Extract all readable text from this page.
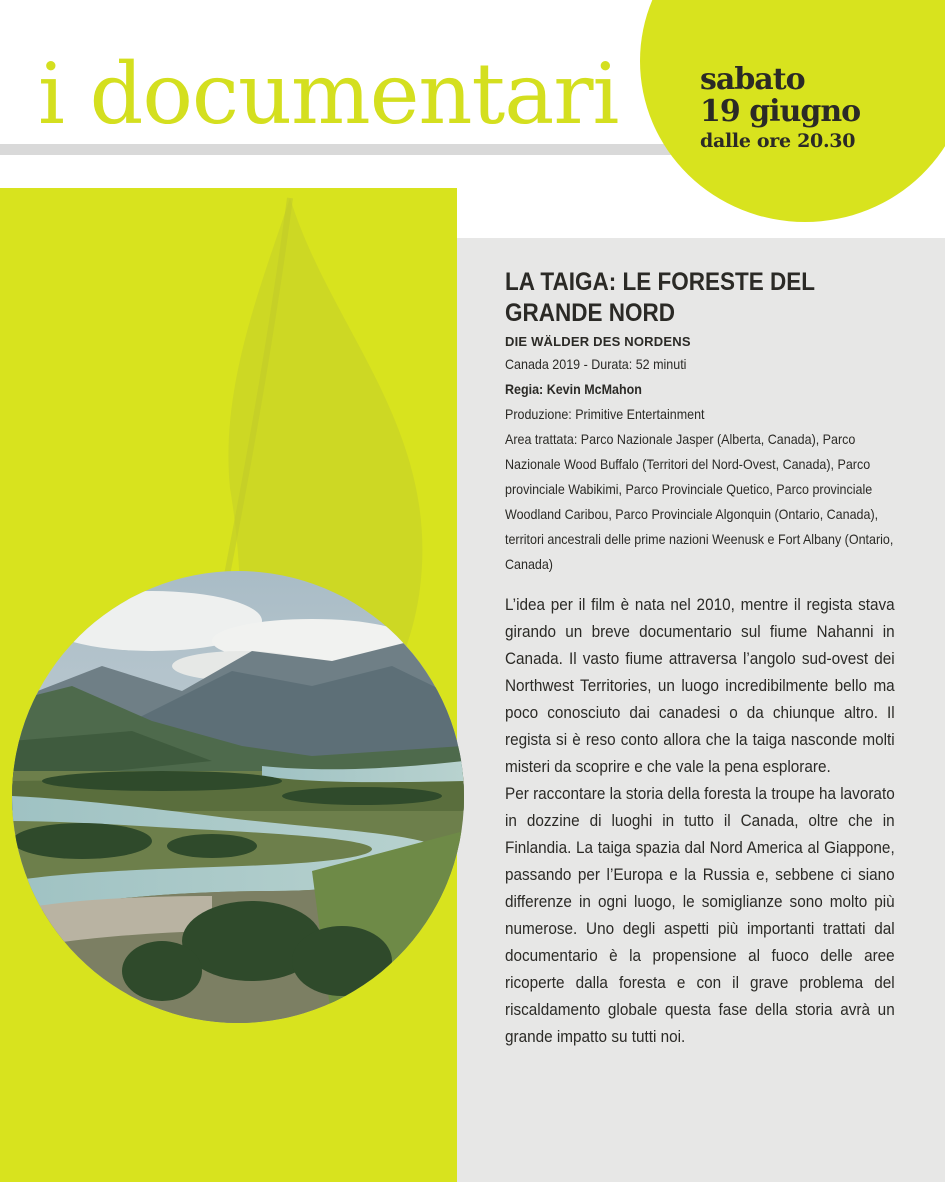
i documentari	sabato
19 giugno
dalle ore 20.30
LA TAIGA: LE FORESTE DEL GRANDE NORD
DIE WÄLDER DES NORDENS
Canada 2019 - Durata: 52 minuti
Regia: Kevin McMahon
Produzione: Primitive Entertainment
Area trattata: Parco Nazionale Jasper (Alberta, Canada), Parco Nazionale Wood Buffalo (Territori del Nord-Ovest, Canada), Parco provinciale Wabikimi, Parco Provinciale Quetico, Parco provinciale Woodland Caribou, Parco Provinciale Algonquin (Ontario, Canada), territori ancestrali delle prime nazioni Weenusk e Fort Albany (Ontario, Canada)

L’idea per il film è nata nel 2010, mentre il regista stava girando un breve documentario sul fiume Nahanni in Canada. Il vasto fiume attraversa l’angolo sud-ovest dei Northwest Territories, un luogo incredibilmente bello ma poco conosciuto dai canadesi o da chiunque altro. Il regista si è reso conto allora che la taiga nasconde molti misteri da scoprire e che vale la pena esplorare.

Per raccontare la storia della foresta la troupe ha lavorato in dozzine di luoghi in tutto il Canada, oltre che in Finlandia. La taiga spazia dal Nord America al Giappone, passando per l’Europa e la Russia e, sebbene ci siano differenze in ogni luogo, le somiglianze sono molto più numerose. Uno degli aspetti più importanti trattati dal documentario è la propensione al fuoco delle aree ricoperte dalla foresta e con il grave problema del riscaldamento globale questa fase della storia avrà un grande impatto su tutti noi.
